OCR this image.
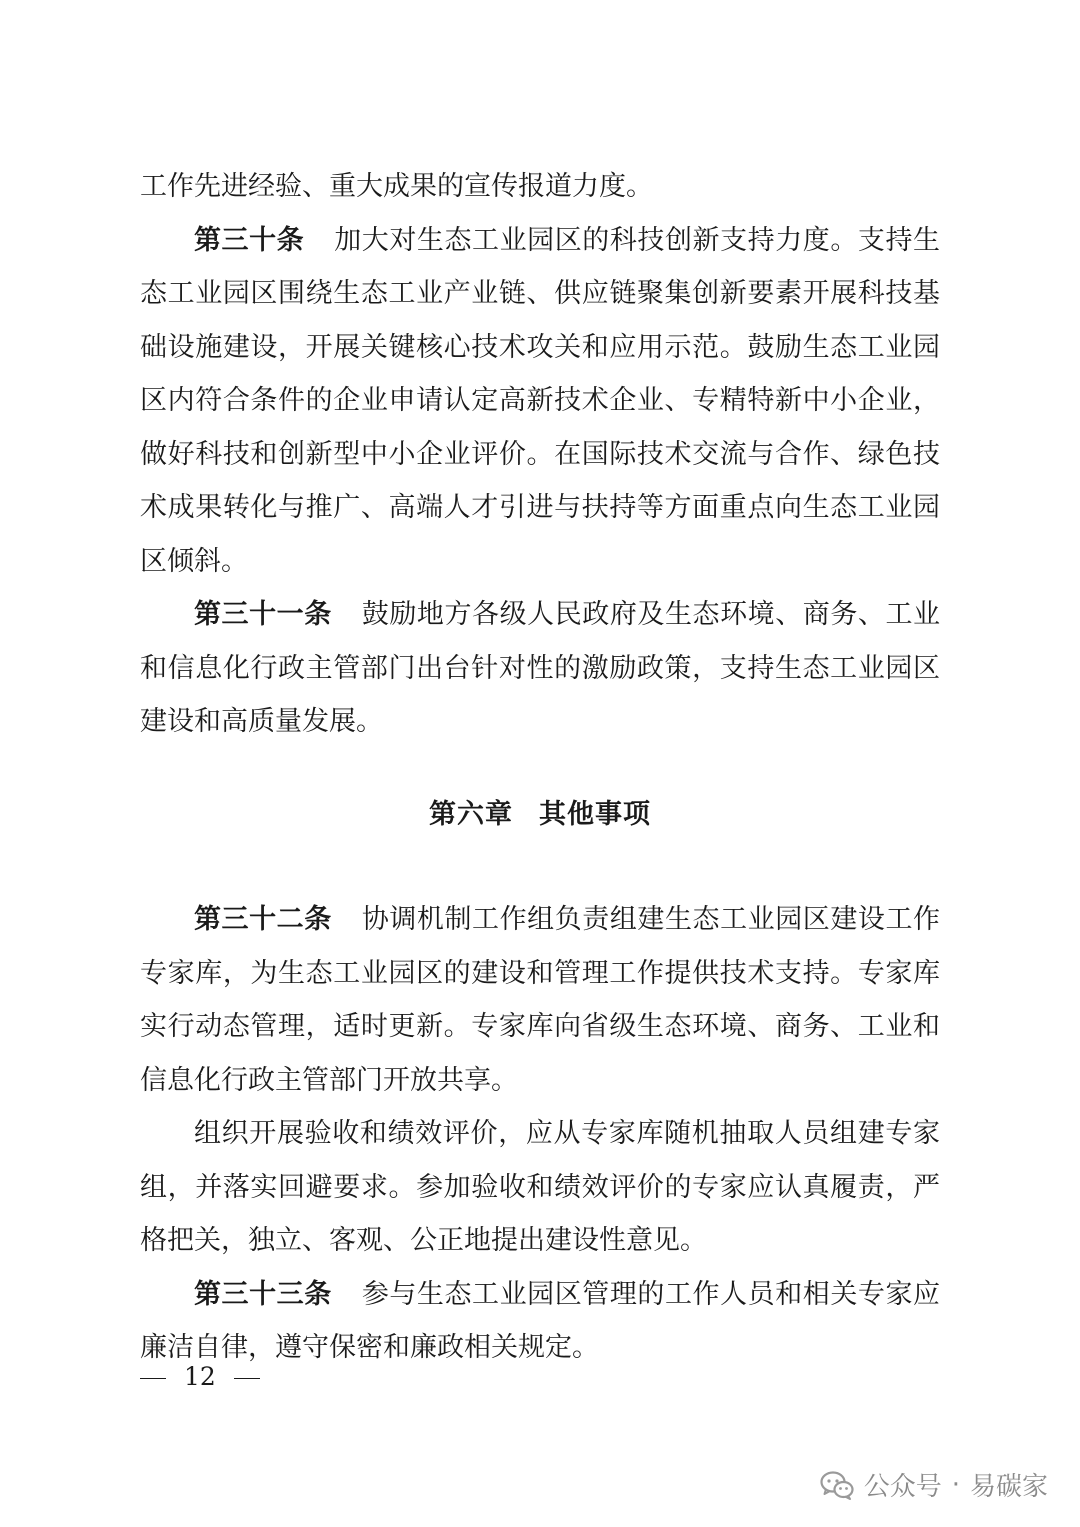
工作先进经验、重大成果的宣传报道力度。

第三十条 加大对生态工业园区的科技创新支持力度。支持生态工业园区围绕生态工业产业链、供应链聚集创新要素开展科技基础设施建设，开展关键核心技术攻关和应用示范。鼓励生态工业园区内符合条件的企业申请认定高新技术企业、专精特新中小企业，做好科技和创新型中小企业评价。在国际技术交流与合作、绿色技术成果转化与推广、高端人才引进与扶持等方面重点向生态工业园区倾斜。

第三十一条 鼓励地方各级人民政府及生态环境、商务、工业和信息化行政主管部门出台针对性的激励政策，支持生态工业园区建设和高质量发展。

第六章 其他事项

第三十二条 协调机制工作组负责组建生态工业园区建设工作专家库，为生态工业园区的建设和管理工作提供技术支持。专家库实行动态管理，适时更新。专家库向省级生态环境、商务、工业和信息化行政主管部门开放共享。

组织开展验收和绩效评价，应从专家库随机抽取人员组建专家组，并落实回避要求。参加验收和绩效评价的专家应认真履责，严格把关，独立、客观、公正地提出建设性意见。

第三十三条 参与生态工业园区管理的工作人员和相关专家应廉洁自律，遵守保密和廉政相关规定。

12
公众号 · 易碳家
